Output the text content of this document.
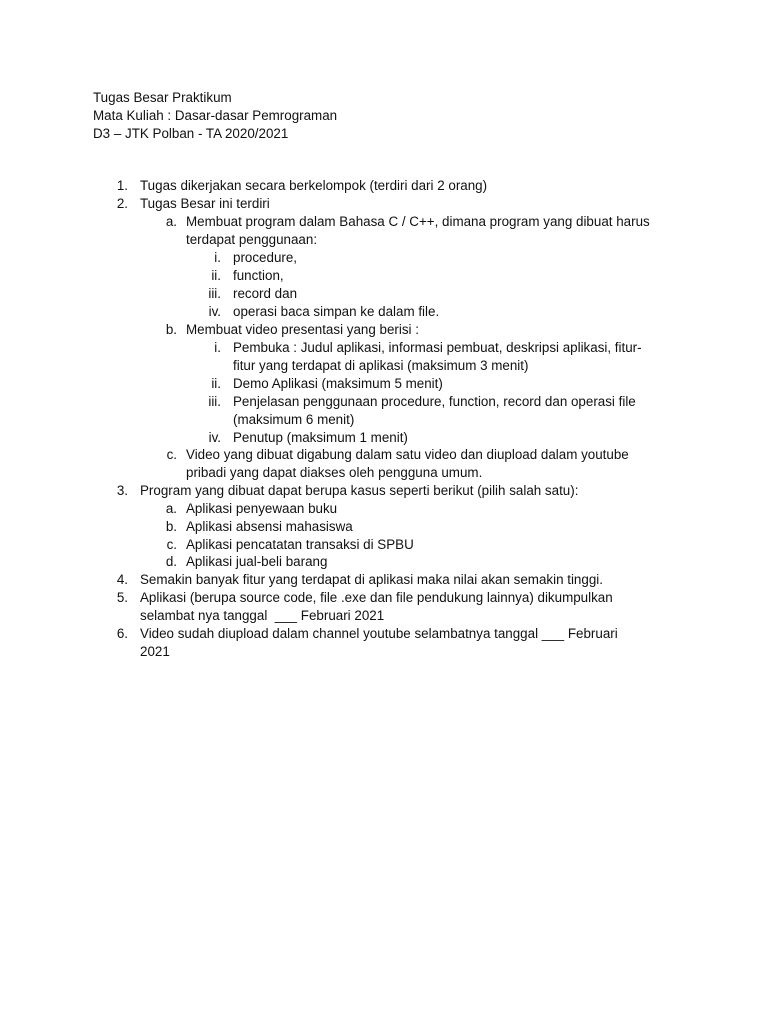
Tugas Besar Praktikum
Mata Kuliah : Dasar-dasar Pemrograman
D3 – JTK Polban - TA 2020/2021
1. Tugas dikerjakan secara berkelompok (terdiri dari 2 orang)
2. Tugas Besar ini terdiri
a. Membuat program dalam Bahasa C / C++, dimana program yang dibuat harus
terdapat penggunaan:
i. procedure,
ii. function,
iii. record dan
iv. operasi baca simpan ke dalam file.
b. Membuat video presentasi yang berisi :
i. Pembuka : Judul aplikasi, informasi pembuat, deskripsi aplikasi, fitur-
fitur yang terdapat di aplikasi (maksimum 3 menit)
ii. Demo Aplikasi (maksimum 5 menit)
iii. Penjelasan penggunaan procedure, function, record dan operasi file
(maksimum 6 menit)
iv. Penutup (maksimum 1 menit)
c. Video yang dibuat digabung dalam satu video dan diupload dalam youtube
pribadi yang dapat diakses oleh pengguna umum.
3. Program yang dibuat dapat berupa kasus seperti berikut (pilih salah satu):
a. Aplikasi penyewaan buku
b. Aplikasi absensi mahasiswa
c. Aplikasi pencatatan transaksi di SPBU
d. Aplikasi jual-beli barang
4. Semakin banyak fitur yang terdapat di aplikasi maka nilai akan semakin tinggi.
5. Aplikasi (berupa source code, file .exe dan file pendukung lainnya) dikumpulkan
selambat nya tanggal  ___ Februari 2021
6. Video sudah diupload dalam channel youtube selambatnya tanggal ___ Februari
2021
